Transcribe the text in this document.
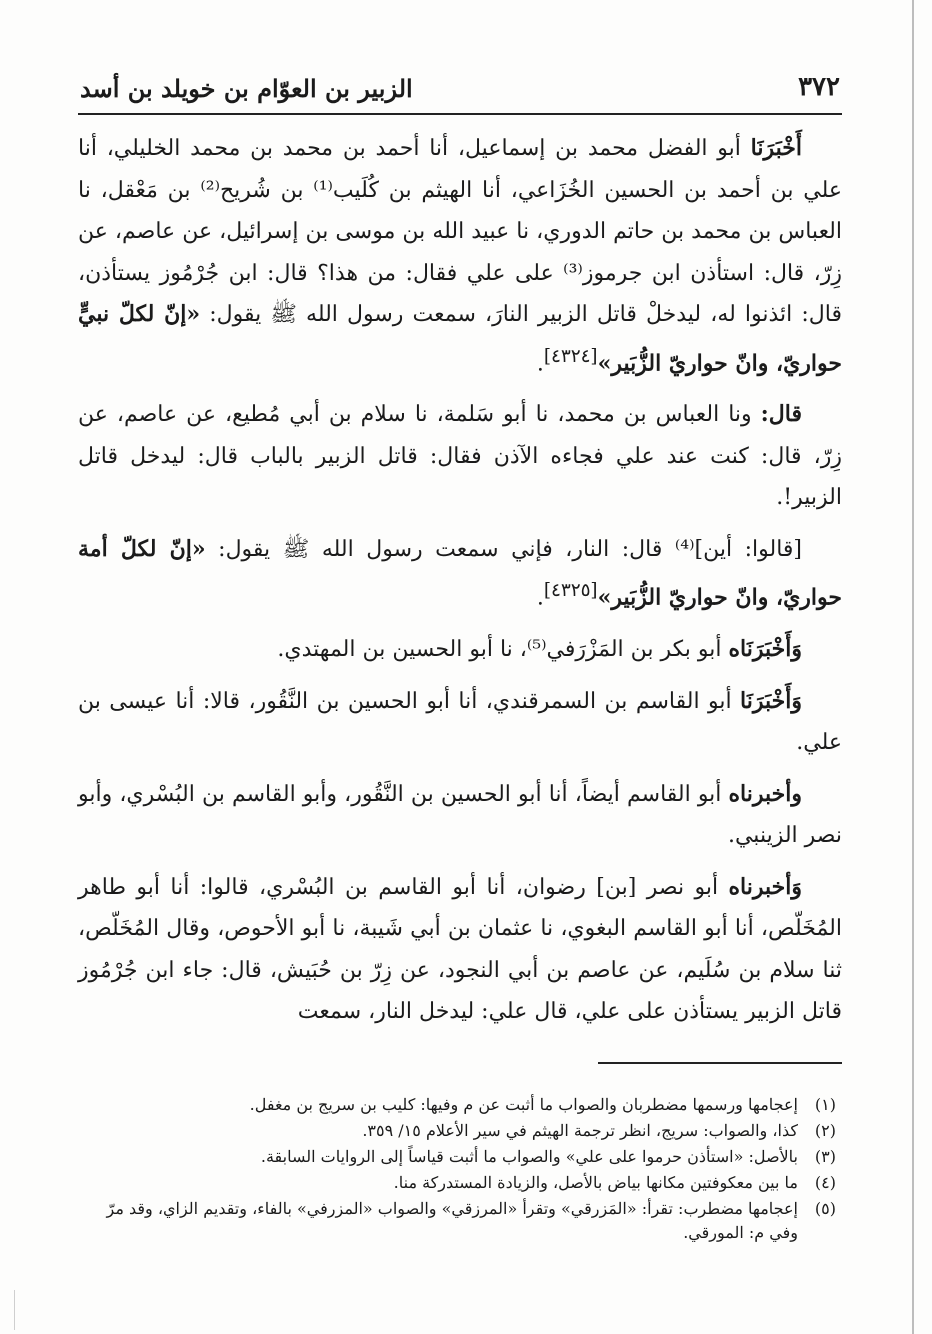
٣٧٢
الزبير بن العوّام بن خويلد بن أسد

أَخْبَرَنَا أبو الفضل محمد بن إسماعيل، أنا أحمد بن محمد بن محمد الخليلي، أنا علي بن أحمد بن الحسين الخُزَاعي، أنا الهيثم بن كُلَيب⁽¹⁾ بن شُريح⁽²⁾ بن مَعْقل، نا العباس بن محمد بن حاتم الدوري، نا عبيد الله بن موسى بن إسرائيل، عن عاصم، عن زِرّ، قال: استأذن ابن جرموز⁽³⁾ على علي فقال: من هذا؟ قال: ابن جُرْمُوز يستأذن، قال: ائذنوا له، ليدخلْ قاتل الزبير النارَ، سمعت رسول الله ﷺ يقول: «إنّ لكلّ نبيٍّ حواريّ، وانّ حواريّ الزُّبَير»[٤٣٢٤].

قال: ونا العباس بن محمد، نا أبو سَلمة، نا سلام بن أبي مُطيع، عن عاصم، عن زِرّ، قال: كنت عند علي فجاءه الآذن فقال: قاتل الزبير بالباب قال: ليدخل قاتل الزبير!.

[قالوا: أين]⁽⁴⁾ قال: النار، فإني سمعت رسول الله ﷺ يقول: «إنّ لكلّ أمة حواريّ، وانّ حواريّ الزُّبَير»[٤٣٢٥].

وَأَخْبَرَنَاه أبو بكر بن المَزْرَفي⁽⁵⁾، نا أبو الحسين بن المهتدي.

وَأَخْبَرَنَا أبو القاسم بن السمرقندي، أنا أبو الحسين بن النَّقُور، قالا: أنا عيسى بن علي.

وأخبرناه أبو القاسم أيضاً، أنا أبو الحسين بن النَّقُور، وأبو القاسم بن البُسْري، وأبو نصر الزينبي.

وَأخبرناه أبو نصر [بن] رضوان، أنا أبو القاسم بن البُسْري، قالوا: أنا أبو طاهر المُخَلّص، أنا أبو القاسم البغوي، نا عثمان بن أبي شَيبة، نا أبو الأحوص، وقال المُخَلّص، ثنا سلام بن سُلَيم، عن عاصم بن أبي النجود، عن زِرّ بن حُبَيش، قال: جاء ابن جُرْمُوز قاتل الزبير يستأذن على علي، قال علي: ليدخل النار، سمعت

(١)
إعجامها ورسمها مضطربان والصواب ما أثبت عن م وفيها: كليب بن سريج بن مغفل.
(٢)
كذا، والصواب: سريج، انظر ترجمة الهيثم في سير الأعلام ١٥/ ٣٥٩.
(٣)
بالأصل: «استأذن حرموا على علي» والصواب ما أثبت قياساً إلى الروايات السابقة.
(٤)
ما بين معكوفتين مكانها بياض بالأصل، والزيادة المستدركة منا.
(٥)
إعجامها مضطرب: تقرأ: «المَزرقي» وتقرأ «المرزقي» والصواب «المزرفي» بالفاء، وتقديم الزاي، وقد مرّ وفي م: المورقي.
